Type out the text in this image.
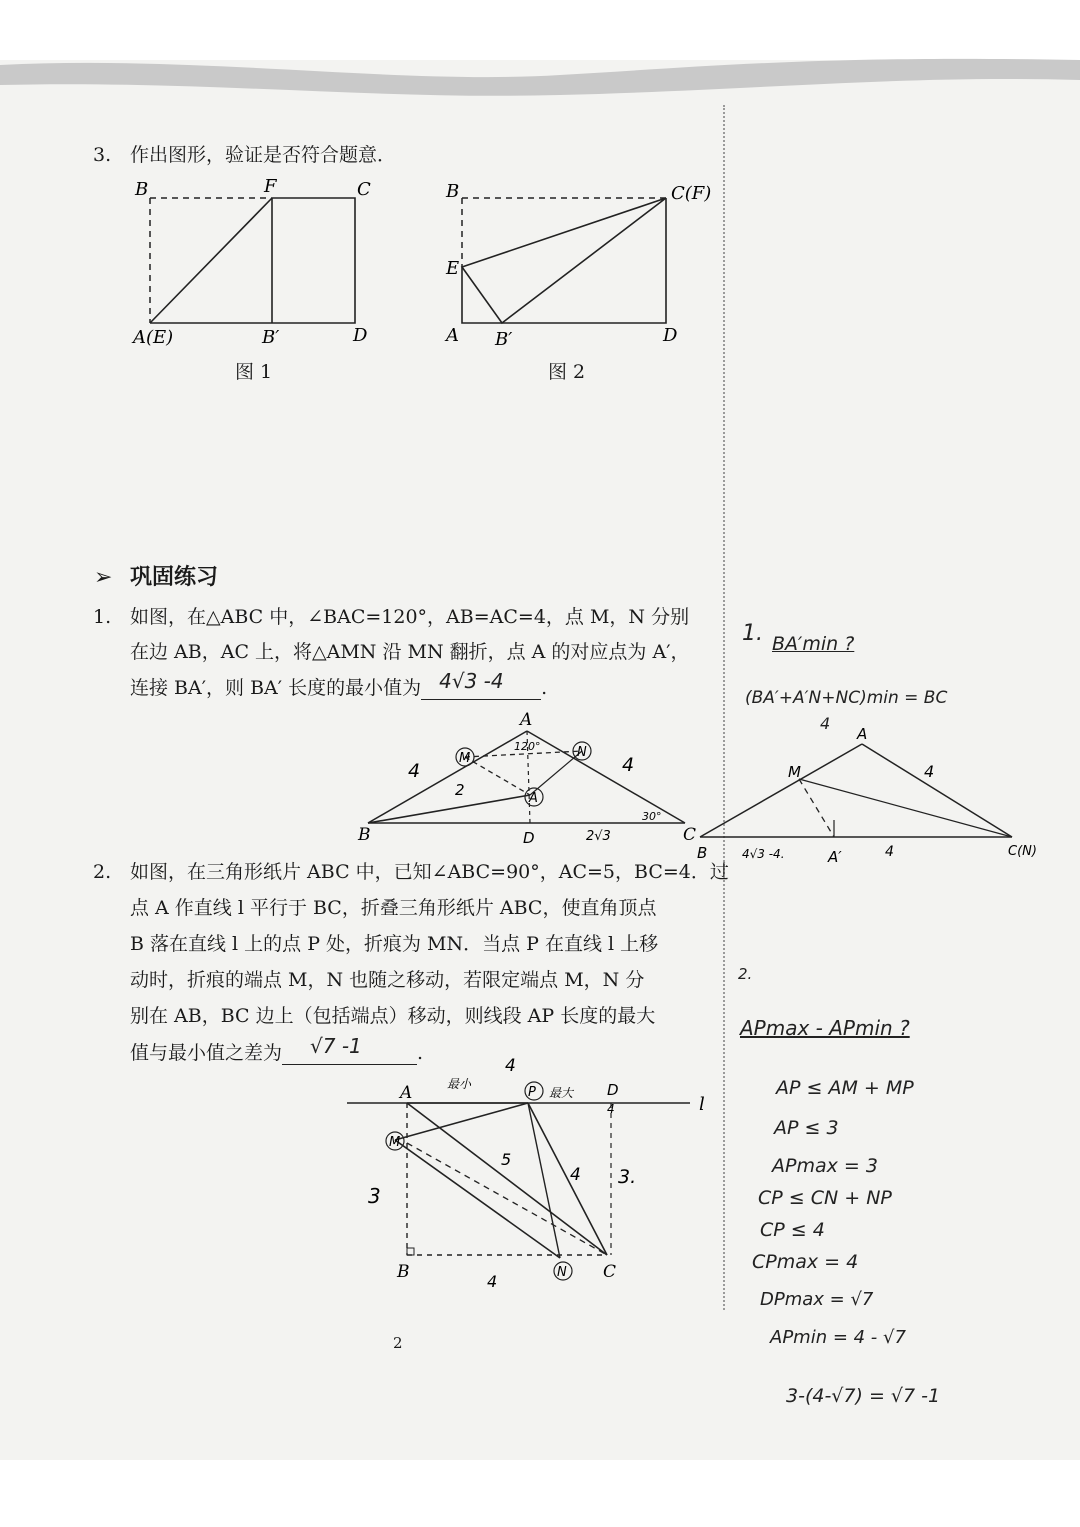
3. 作出图形，验证是否符合题意．
B	F	C
A(E)	B′	D
图 1
B	C(F)
E
A B′	D
图 2
➢ 巩固练习
1. 如图，在△ABC 中，∠BAC=120°，AB=AC=4，点 M，N 分别
在边 AB，AC 上，将△AMN 沿 MN 翻折，点 A 的对应点为 A′，
连接 BA′，则 BA′ 长度的最小值为 4√3 -4 .
A
B	C
M	N
A
D
120°
30°
4	4
2
2√3
2. 如图，在三角形纸片 ABC 中，已知∠ABC=90°，AC=5，BC=4．过
点 A 作直线 l 平行于 BC，折叠三角形纸片 ABC，使直角顶点
B 落在直线 l 上的点 P 处，折痕为 MN．当点 P 在直线 l 上移
动时，折痕的端点 M，N 也随之移动，若限定端点 M，N 分
别在 AB，BC 边上（包括端点）移动，则线段 AP 长度的最大
值与最小值之差为 √7 -1	.
A	P	D
l
M
B	N C
最小
最大
4
4
3
5
4 3.
4
1. BA′min ?
(BA′+A′N+NC)min = BC
4
M
A
4
B	4√3 -4.	A′	4	C(N)
2.
APmax - APmin ?
AP ≤ AM + MP
AP ≤ 3
APmax = 3
CP ≤ CN + NP
CP ≤ 4
CPmax = 4
DPmax = √7
APmin = 4 - √7
3-(4-√7) = √7 -1
2
